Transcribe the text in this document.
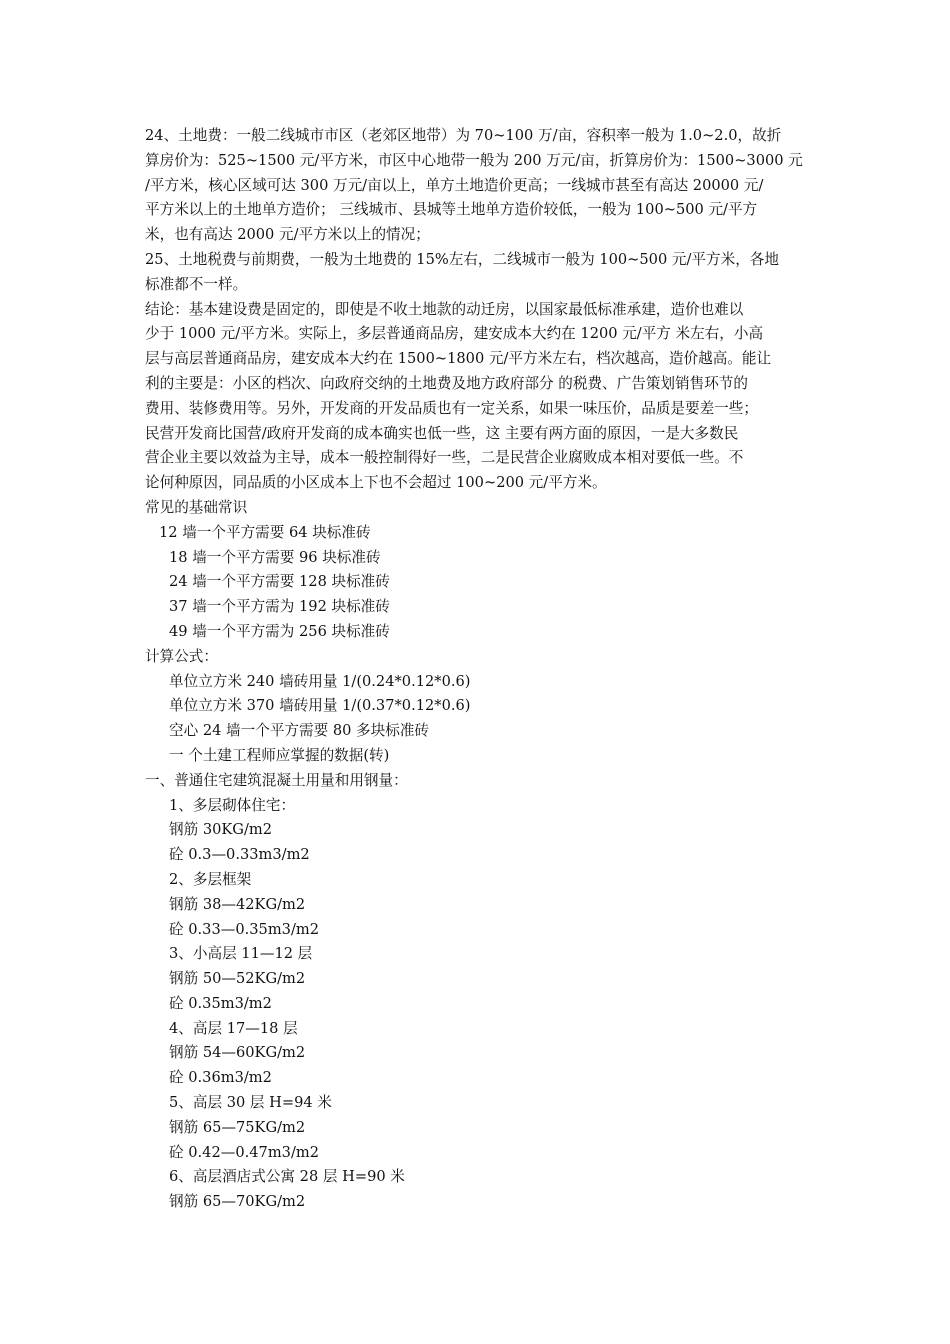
24、土地费：一般二线城市市区（老郊区地带）为 70~100 万/亩，容积率一般为 1.0~2.0，故折
算房价为：525~1500 元/平方米，市区中心地带一般为 200 万元/亩，折算房价为：1500~3000 元
/平方米，核心区域可达 300 万元/亩以上，单方土地造价更高；一线城市甚至有高达 20000 元/
平方米以上的土地单方造价； 三线城市、县城等土地单方造价较低，一般为 100~500 元/平方
米，也有高达 2000 元/平方米以上的情况；
25、土地税费与前期费，一般为土地费的 15%左右，二线城市一般为 100~500 元/平方米，各地
标准都不一样。
结论：基本建设费是固定的，即使是不收土地款的动迁房，以国家最低标准承建，造价也难以
少于 1000 元/平方米。实际上，多层普通商品房，建安成本大约在 1200 元/平方 米左右，小高
层与高层普通商品房，建安成本大约在 1500~1800 元/平方米左右，档次越高，造价越高。能让
利的主要是：小区的档次、向政府交纳的土地费及地方政府部分 的税费、广告策划销售环节的
费用、装修费用等。另外，开发商的开发品质也有一定关系，如果一味压价，品质是要差一些；
民营开发商比国营/政府开发商的成本确实也低一些，这 主要有两方面的原因，一是大多数民
营企业主要以效益为主导，成本一般控制得好一些，二是民营企业腐败成本相对要低一些。不
论何种原因，同品质的小区成本上下也不会超过 100~200 元/平方米。
常见的基础常识
12 墙一个平方需要 64 块标准砖
18 墙一个平方需要 96 块标准砖
24 墙一个平方需要 128 块标准砖
37 墙一个平方需为 192 块标准砖
49 墙一个平方需为 256 块标准砖
计算公式：
单位立方米 240 墙砖用量 1/(0.24*0.12*0.6)
单位立方米 370 墙砖用量 1/(0.37*0.12*0.6)
空心 24 墙一个平方需要 80 多块标准砖
一 个土建工程师应掌握的数据(转)
一、普通住宅建筑混凝土用量和用钢量：
1、多层砌体住宅：
钢筋 30KG/m2
砼 0.3—0.33m3/m2
2、多层框架
钢筋 38—42KG/m2
砼 0.33—0.35m3/m2
3、小高层 11—12 层
钢筋 50—52KG/m2
砼 0.35m3/m2
4、高层 17—18 层
钢筋 54—60KG/m2
砼 0.36m3/m2
5、高层 30 层 H=94 米
钢筋 65—75KG/m2
砼 0.42—0.47m3/m2
6、高层酒店式公寓 28 层 H=90 米
钢筋 65—70KG/m2
